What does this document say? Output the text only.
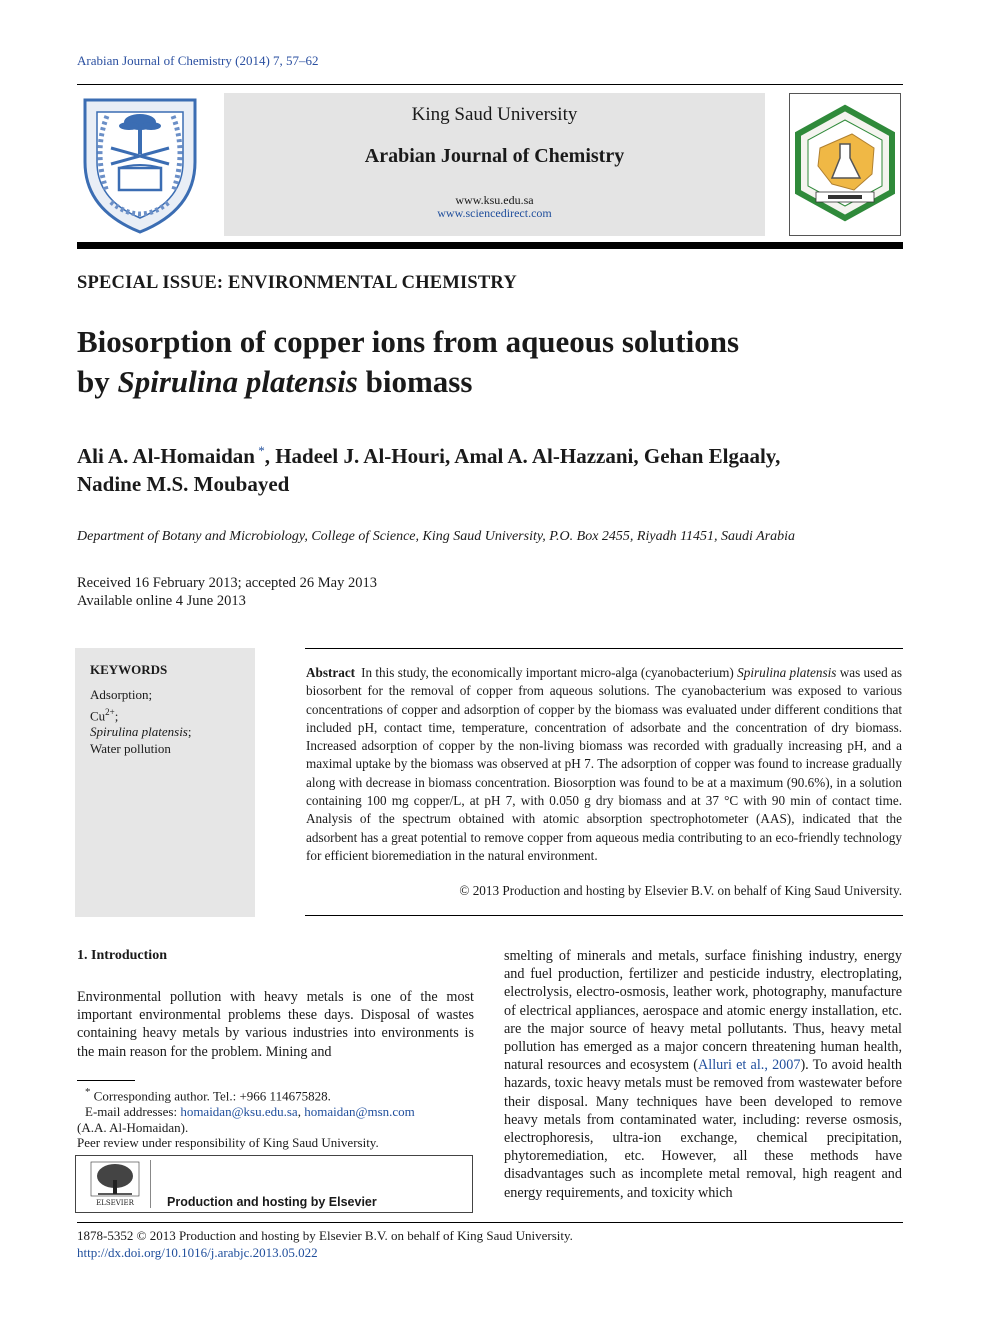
Arabian Journal of Chemistry (2014) 7, 57–62
King Saud University
Arabian Journal of Chemistry
www.ksu.edu.sa
www.sciencedirect.com
SPECIAL ISSUE: ENVIRONMENTAL CHEMISTRY
Biosorption of copper ions from aqueous solutions
by Spirulina platensis biomass
Ali A. Al-Homaidan *, Hadeel J. Al-Houri, Amal A. Al-Hazzani, Gehan Elgaaly,
Nadine M.S. Moubayed
Department of Botany and Microbiology, College of Science, King Saud University, P.O. Box 2455, Riyadh 11451, Saudi Arabia
Received 16 February 2013; accepted 26 May 2013
Available online 4 June 2013
KEYWORDS
Adsorption;
$Cu^{2+}$;
Spirulina platensis;
Water pollution
Abstract In this study, the economically important micro-alga (cyanobacterium) Spirulina platensis was used as biosorbent for the removal of copper from aqueous solutions. The cyanobacterium was exposed to various concentrations of copper and adsorption of copper by the biomass was evaluated under different conditions that included pH, contact time, temperature, concentration of adsorbate and the concentration of dry biomass. Increased adsorption of copper by the non-living biomass was recorded with gradually increasing pH, and a maximal uptake by the biomass was observed at pH 7. The adsorption of copper was found to increase gradually along with decrease in biomass concentration. Biosorption was found to be at a maximum (90.6%), in a solution containing 100 mg copper/L, at pH 7, with 0.050 g dry biomass and at 37 °C with 90 min of contact time. Analysis of the spectrum obtained with atomic absorption spectrophotometer (AAS), indicated that the adsorbent has a great potential to remove copper from aqueous media contributing to an eco-friendly technology for efficient bioremediation in the natural environment.
© 2013 Production and hosting by Elsevier B.V. on behalf of King Saud University.
1. Introduction
Environmental pollution with heavy metals is one of the most important environmental problems these days. Disposal of wastes containing heavy metals by various industries into environments is the main reason for the problem. Mining and
* Corresponding author. Tel.: +966 114675828.
E-mail addresses: homaidan@ksu.edu.sa, homaidan@msn.com
(A.A. Al-Homaidan).
Peer review under responsibility of King Saud University.
ELSEVIER	Production and hosting by Elsevier
smelting of minerals and metals, surface finishing industry, energy and fuel production, fertilizer and pesticide industry, electroplating, electrolysis, electro-osmosis, leather work, photography, manufacture of electrical appliances, aerospace and atomic energy installation, etc. are the major source of heavy metal pollutants. Thus, heavy metal pollution has emerged as a major concern threatening human health, natural resources and ecosystem (Alluri et al., 2007). To avoid health hazards, toxic heavy metals must be removed from wastewater before their disposal. Many techniques have been developed to remove heavy metals from contaminated water, including: reverse osmosis, electrophoresis, ultra-ion exchange, chemical precipitation, phytoremediation, etc. However, all these methods have disadvantages such as incomplete metal removal, high reagent and energy requirements, and toxicity which
1878-5352 © 2013 Production and hosting by Elsevier B.V. on behalf of King Saud University.
http://dx.doi.org/10.1016/j.arabjc.2013.05.022
